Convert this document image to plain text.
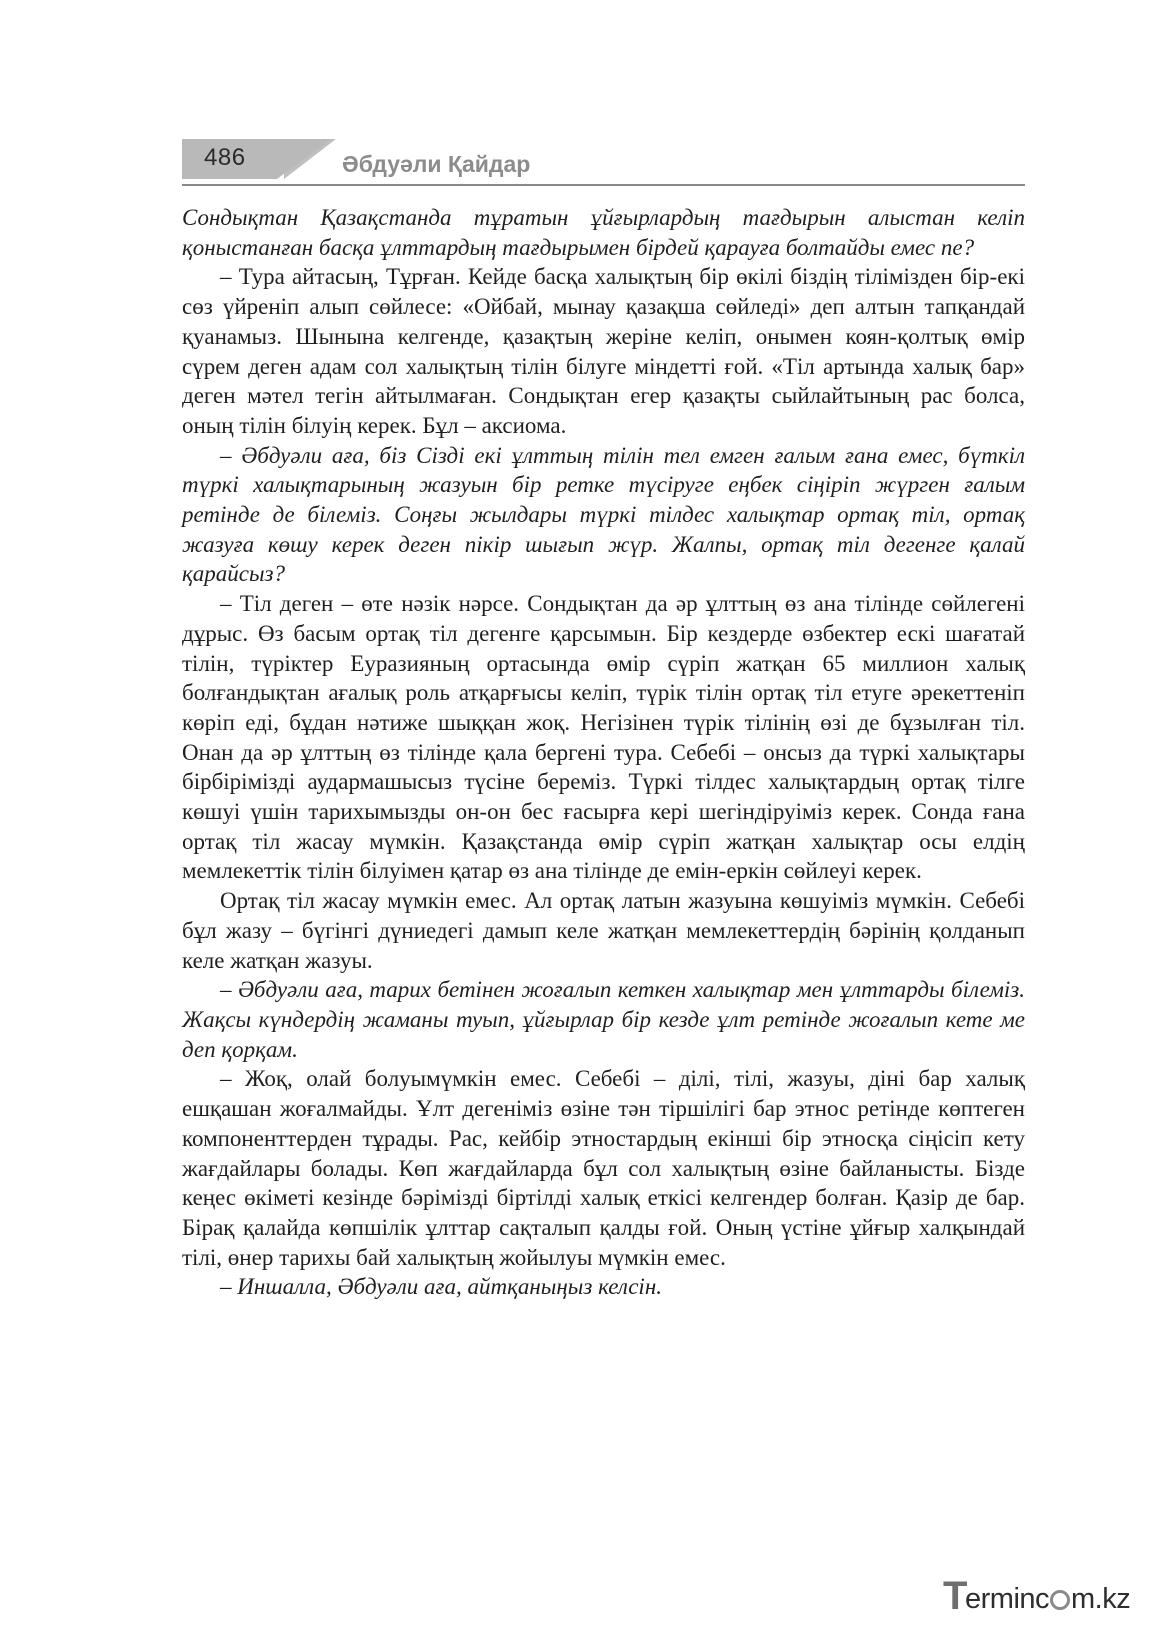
486	Әбдуәли Қайдар

Сондықтан Қазақстанда тұратын ұйғырлардың тағдырын алыстан келіп қоныстанған басқа ұлттардың тағдырымен бірдей қарауға болmайды емес пе?

– Тура айтасың, Тұрған. Кейде басқа халықтың бір өкілі біздің тілімізден бір-екі сөз үйреніп алып сөйлесе: «Ойбай, мынау қазақша сөйледі» деп алтын тапқандай қуанамыз. Шынына келгенде, қазақтың жеріне келіп, онымен коян-қолтық өмір сүрем деген адам сол халықтың тілін білуге міндетті ғой. «Тіл артында халық бар» деген мәтел тегін айтылмаған. Сондықтан егер қазақты сыйлайтының рас болса, оның тілін білуің керек. Бұл – аксиома.

– Әбдуәли аға, біз Сізді екі ұлттың тілін тел емген ғалым ғана емес, бүткіл түркі халықтарының жазуын бір ретке түсіруге еңбек сіңіріп жүрген ғалым ретінде де білеміз. Соңғы жылдары түркі тілдес халықтар ортақ тіл, ортақ жазуға көшу керек деген пікір шығып жүр. Жалпы, ортақ тіл дегенге қалай қарайсыз?

– Тіл деген – өте нәзік нәрсе. Сондықтан да әр ұлттың өз ана тілінде сөйлегені дұрыс. Өз басым ортақ тіл дегенге қарсымын. Бір кездерде өзбектер ескі шағатай тілін, түріктер Еуразияның ортасында өмір сүріп жатқан 65 миллион халық болғандықтан ағалық роль атқарғысы келіп, түрік тілін ортақ тіл етуге әрекеттеніп көріп еді, бұдан нәтиже шыққан жоқ. Негізінен түрік тілінің өзі де бұзылған тіл. Онан да әр ұлттың өз тілінде қала бергені тура. Себебі – онсыз да түркі халықтары бірбірімізді аудармашысыз түсіне береміз. Түркі тілдес халықтардың ортақ тілге көшуі үшін тарихымызды он-он бес ғасырға кері шегіндіруіміз керек. Сонда ғана ортақ тіл жасау мүмкін. Қазақстанда өмір сүріп жатқан халықтар осы елдің мемлекеттік тілін білуімен қатар өз ана тілінде де емін-еркін сөйлеуі керек.

Ортақ тіл жасау мүмкін емес. Ал ортақ латын жазуына көшуіміз мүмкін. Себебі бұл жазу – бүгінгі дүниедегі дамып келе жатқан мемлекеттердің бәрінің қолданып келе жатқан жазуы.

– Әбдуәли аға, тарих бетінен жоғалып кеткен халықтар мен ұлттарды білеміз. Жақсы күндердің жаманы туып, ұйғырлар бір кезде ұлт ретінде жоғалып кете ме деп қорқам.

– Жоқ, олай болуымүмкін емес. Себебі – ділі, тілі, жазуы, діні бар халық ешқашан жоғалмайды. Ұлт дегеніміз өзіне тән тіршілігі бар этнос ретінде көптеген компоненттерден тұрады. Рас, кейбір этностардың екінші бір этносқа сіңісіп кету жағдайлары болады. Көп жағдайларда бұл сол халықтың өзіне байланысты. Бізде кеңес өкіметі кезінде бәрімізді біртілді халық еткісі келгендер болған. Қазір де бар. Бірақ қалайда көпшілік ұлттар сақталып қалды ғой. Оның үстіне ұйғыр халқындай тілі, өнер тарихы бай халықтың жойылуы мүмкін емес.

– Иншалла, Әбдуәли аға, айтқаныңыз келсін.

T
erminc m.kz
